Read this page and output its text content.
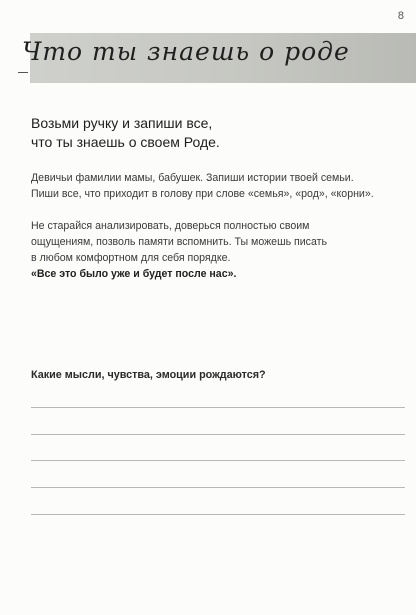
8
Что ты знаешь о роде

Возьми ручку и запиши все,
что ты знаешь о своем Роде.

Девичьи фамилии мамы, бабушек. Запиши истории твоей семьи.
Пиши все, что приходит в голову при слове «семья», «род», «корни».

Не старайся анализировать, доверься полностью своим
ощущениям, позволь памяти вспомнить. Ты можешь писать
в любом комфортном для себя порядке.
«Все это было уже и будет после нас».

Какие мысли, чувства, эмоции рождаются?
